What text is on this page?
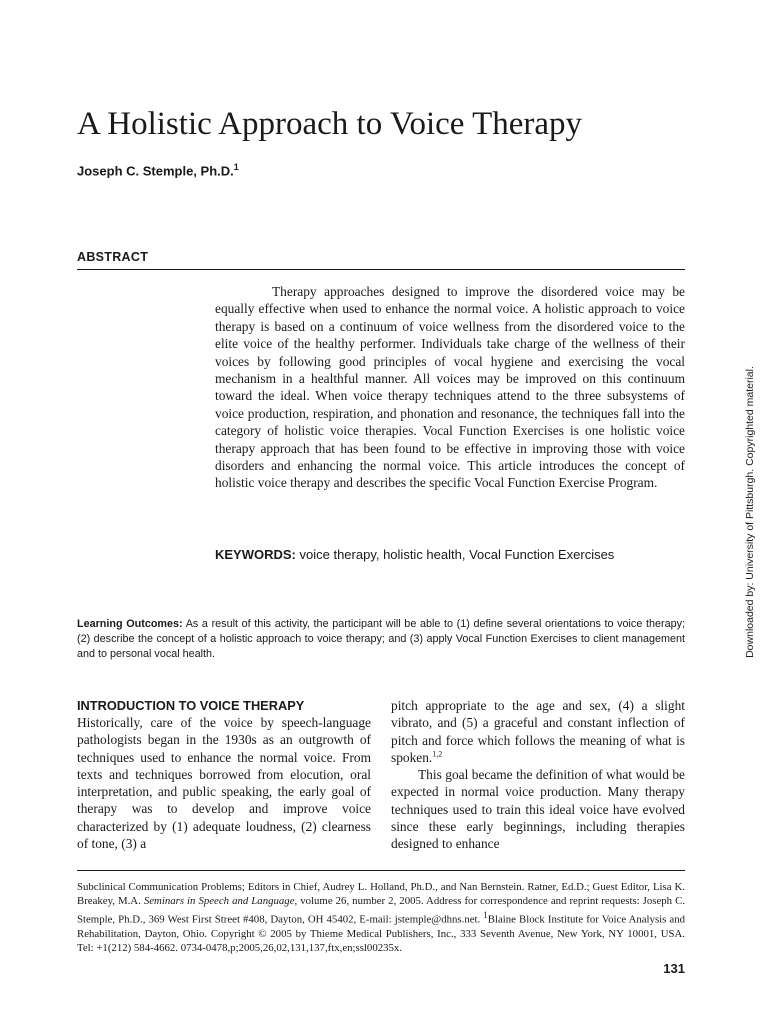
A Holistic Approach to Voice Therapy

Joseph C. Stemple, Ph.D.$^1$

ABSTRACT

Therapy approaches designed to improve the disordered voice may be equally effective when used to enhance the normal voice. A holistic approach to voice therapy is based on a continuum of voice wellness from the disordered voice to the elite voice of the healthy performer. Individuals take charge of the wellness of their voices by following good principles of vocal hygiene and exercising the vocal mechanism in a healthful manner. All voices may be improved on this continuum toward the ideal. When voice therapy techniques attend to the three subsystems of voice production, respiration, and phonation and resonance, the techniques fall into the category of holistic voice therapies. Vocal Function Exercises is one holistic voice therapy approach that has been found to be effective in improving those with voice disorders and enhancing the normal voice. This article introduces the concept of holistic voice therapy and describes the specific Vocal Function Exercise Program.

KEYWORDS: voice therapy, holistic health, Vocal Function Exercises

Learning Outcomes: As a result of this activity, the participant will be able to (1) define several orientations to voice therapy; (2) describe the concept of a holistic approach to voice therapy; and (3) apply Vocal Function Exercises to client management and to personal vocal health.

INTRODUCTION TO VOICE THERAPY

Historically, care of the voice by speech-language pathologists began in the 1930s as an outgrowth of techniques used to enhance the normal voice. From texts and techniques borrowed from elocution, oral interpretation, and public speaking, the early goal of therapy was to develop and improve voice characterized by (1) adequate loudness, (2) clearness of tone, (3) a

pitch appropriate to the age and sex, (4) a slight vibrato, and (5) a graceful and constant inflection of pitch and force which follows the meaning of what is spoken.$^{1,2}$

This goal became the definition of what would be expected in normal voice production. Many therapy techniques used to train this ideal voice have evolved since these early beginnings, including therapies designed to enhance

Subclinical Communication Problems; Editors in Chief, Audrey L. Holland, Ph.D., and Nan Bernstein. Ratner, Ed.D.; Guest Editor, Lisa K. Breakey, M.A. Seminars in Speech and Language, volume 26, number 2, 2005. Address for correspondence and reprint requests: Joseph C. Stemple, Ph.D., 369 West First Street #408, Dayton, OH 45402, E-mail: jstemple@dhns.net. $^1$Blaine Block Institute for Voice Analysis and Rehabilitation, Dayton, Ohio. Copyright © 2005 by Thieme Medical Publishers, Inc., 333 Seventh Avenue, New York, NY 10001, USA. Tel: +1(212) 584-4662. 0734-0478,p;2005,26,02,131,137,ftx,en;ssl00235x.

131

Downloaded by: University of Pittsburgh. Copyrighted material.
